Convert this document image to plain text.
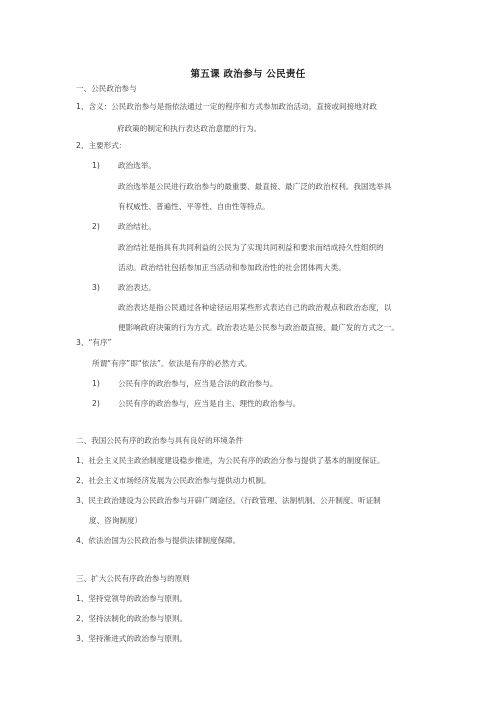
第五课 政治参与 公民责任
一、公民政治参与
1、含义：公民政治参与是指依法通过一定的程序和方式参加政治活动，直接或间接地对政
府政策的制定和执行表达政治意愿的行为。
2、主要形式：
1) 政治选举。
政治选举是公民进行政治参与的最重要、最直接、最广泛的政治权利。我国选举具
有权威性、普遍性、平等性、自由性等特点。
2) 政治结社。
政治结社是指具有共同利益的公民为了实现共同利益和要求而结成持久性组织的
活动。政治结社包括参加正当活动和参加政治性的社会团体两大类。
3) 政治表达。
政治表达是指公民通过各种途径运用某些形式表达自己的政治观点和政治态度，以
便影响政府决策的行为方式。政治表达是公民参与政治最直接、最广发的方式之一。
3、“有序”
所谓“有序”即“依法”。依法是有序的必然方式。
1) 公民有序的政治参与，应当是合法的政治参与。
2) 公民有序的政治参与，应当是自主、理性的政治参与。
二、我国公民有序的政治参与具有良好的环境条件
1、社会主义民主政治制度建设稳步推进，为公民有序的政治分参与提供了基本的制度保证。
2、社会主义市场经济发展为公民政治参与提供动力机制。
3、民主政治建设为公民政治参与开辟广阔途径。（行政管理、法制机制、公开制度、听证制
度、咨询制度）
4、依法治国为公民政治参与提供法律制度保障。
三、扩大公民有序政治参与的原则
1、坚持党领导的政治参与原则。
2、坚持法制化的政治参与原则。
3、坚持渐进式的政治参与原则。
